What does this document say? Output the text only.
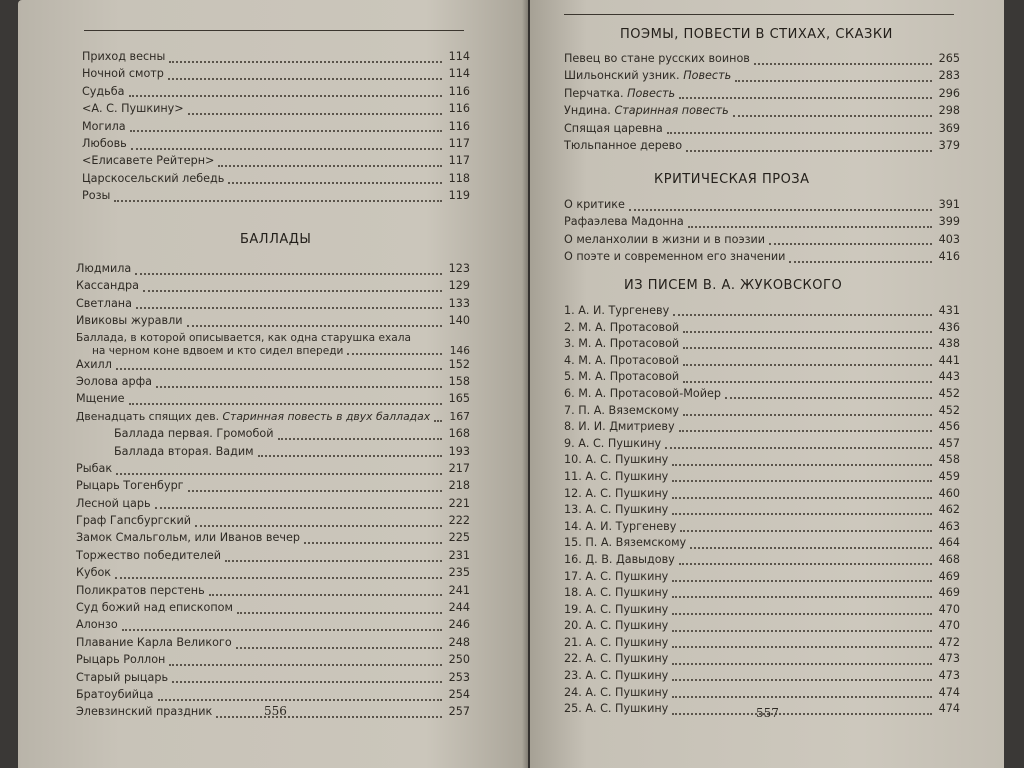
Приход весны	114
Ночной смотр	114
Судьба	116
<А. С. Пушкину>	116
Могила	116
Любовь	117
<Елисавете Рейтерн>	117
Царскосельский лебедь	118
Розы	119
БАЛЛАДЫ
Людмила	123
Кассандра	129
Светлана	133
Ивиковы журавли	140
Баллада, в которой описывается, как одна старушка ехала
на черном коне вдвоем и кто сидел впереди	146
Ахилл	152
Эолова арфа	158
Мщение	165
Двенадцать спящих дев. Старинная повесть в двух балладах	167
Баллада первая. Громобой	168
Баллада вторая. Вадим	193
Рыбак	217
Рыцарь Тогенбург	218
Лесной царь	221
Граф Гапсбургский	222
Замок Смальгольм, или Иванов вечер	225
Торжество победителей	231
Кубок	235
Поликратов перстень	241
Суд божий над епископом	244
Алонзо	246
Плавание Карла Великого	248
Рыцарь Роллон	250
Старый рыцарь	253
Братоубийца	254
Элевзинский праздник	257
556
ПОЭМЫ, ПОВЕСТИ В СТИХАХ, СКАЗКИ
Певец во стане русских воинов	265
Шильонский узник. Повесть	283
Перчатка. Повесть	296
Ундина. Старинная повесть	298
Спящая царевна	369
Тюльпанное дерево	379
КРИТИЧЕСКАЯ ПРОЗА
О критике	391
Рафаэлева Мадонна	399
О меланхолии в жизни и в поэзии	403
О поэте и современном его значении	416
ИЗ ПИСЕМ В. А. ЖУКОВСКОГО
1. А. И. Тургеневу	431
2. М. А. Протасовой	436
3. М. А. Протасовой	438
4. М. А. Протасовой	441
5. М. А. Протасовой	443
6. М. А. Протасовой-Мойер	452
7. П. А. Вяземскому	452
8. И. И. Дмитриеву	456
9. А. С. Пушкину	457
10. А. С. Пушкину	458
11. А. С. Пушкину	459
12. А. С. Пушкину	460
13. А. С. Пушкину	462
14. А. И. Тургеневу	463
15. П. А. Вяземскому	464
16. Д. В. Давыдову	468
17. А. С. Пушкину	469
18. А. С. Пушкину	469
19. А. С. Пушкину	470
20. А. С. Пушкину	470
21. А. С. Пушкину	472
22. А. С. Пушкину	473
23. А. С. Пушкину	473
24. А. С. Пушкину	474
25. А. С. Пушкину	474
557
